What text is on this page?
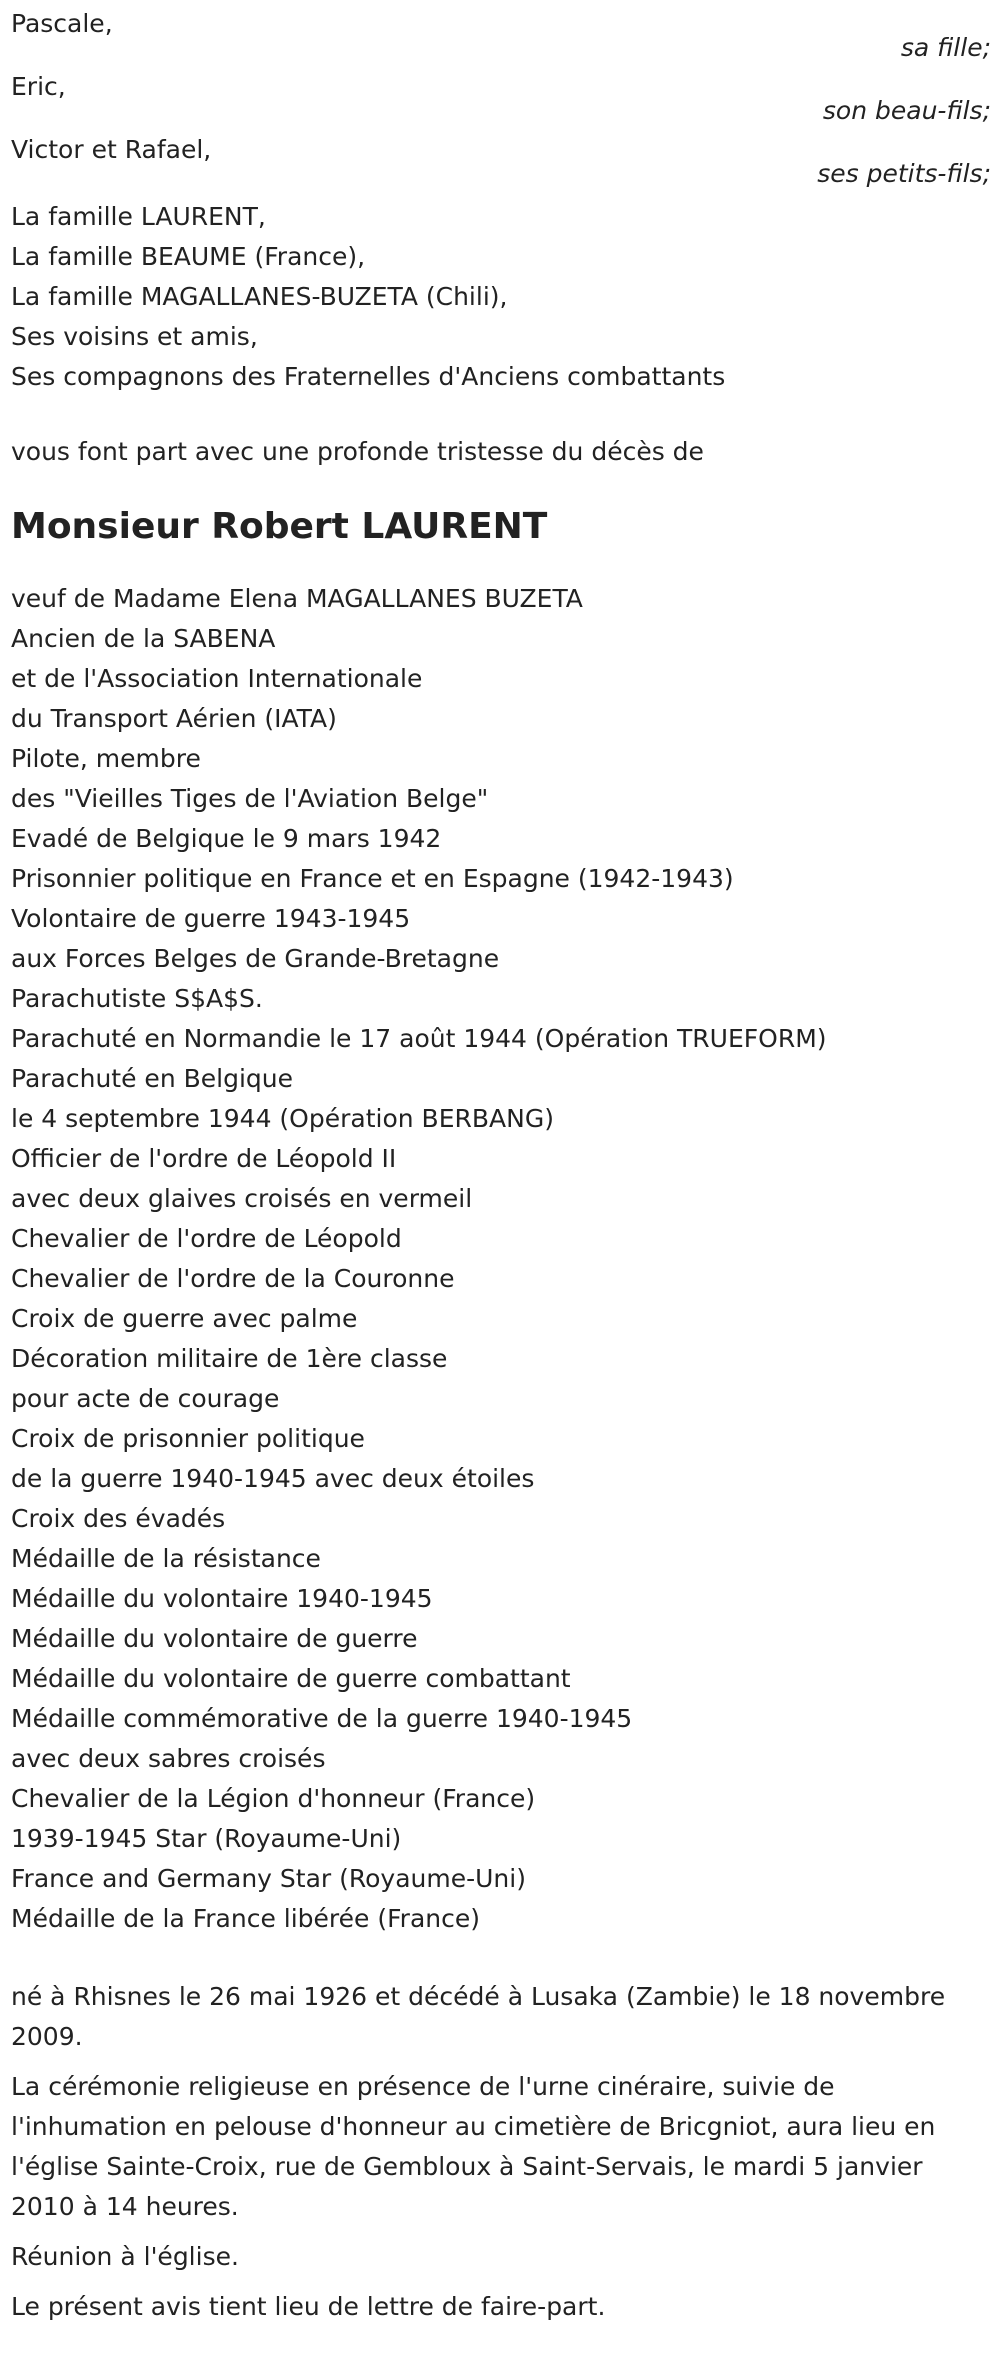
Pascale,
sa fille;
Eric,
son beau-fils;
Victor et Rafael,
ses petits-fils;
La famille LAURENT,
La famille BEAUME (France),
La famille MAGALLANES-BUZETA (Chili),
Ses voisins et amis,
Ses compagnons des Fraternelles d'Anciens combattants
vous font part avec une profonde tristesse du décès de
Monsieur Robert LAURENT
veuf de Madame Elena MAGALLANES BUZETA
Ancien de la SABENA
et de l'Association Internationale
du Transport Aérien (IATA)
Pilote, membre
des "Vieilles Tiges de l'Aviation Belge"
Evadé de Belgique le 9 mars 1942
Prisonnier politique en France et en Espagne (1942-1943)
Volontaire de guerre 1943-1945
aux Forces Belges de Grande-Bretagne
Parachutiste S$A$S.
Parachuté en Normandie le 17 août 1944 (Opération TRUEFORM)
Parachuté en Belgique
le 4 septembre 1944 (Opération BERBANG)
Officier de l'ordre de Léopold II
avec deux glaives croisés en vermeil
Chevalier de l'ordre de Léopold
Chevalier de l'ordre de la Couronne
Croix de guerre avec palme
Décoration militaire de 1ère classe
pour acte de courage
Croix de prisonnier politique
de la guerre 1940-1945 avec deux étoiles
Croix des évadés
Médaille de la résistance
Médaille du volontaire 1940-1945
Médaille du volontaire de guerre
Médaille du volontaire de guerre combattant
Médaille commémorative de la guerre 1940-1945
avec deux sabres croisés
Chevalier de la Légion d'honneur (France)
1939-1945 Star (Royaume-Uni)
France and Germany Star (Royaume-Uni)
Médaille de la France libérée (France)
né à Rhisnes le 26 mai 1926 et décédé à Lusaka (Zambie) le 18 novembre 2009.
La cérémonie religieuse en présence de l'urne cinéraire, suivie de l'inhumation en pelouse d'honneur au cimetière de Bricgniot, aura lieu en l'église Sainte-Croix, rue de Gembloux à Saint-Servais, le mardi 5 janvier 2010 à 14 heures.
Réunion à l'église.
Le présent avis tient lieu de lettre de faire-part.
